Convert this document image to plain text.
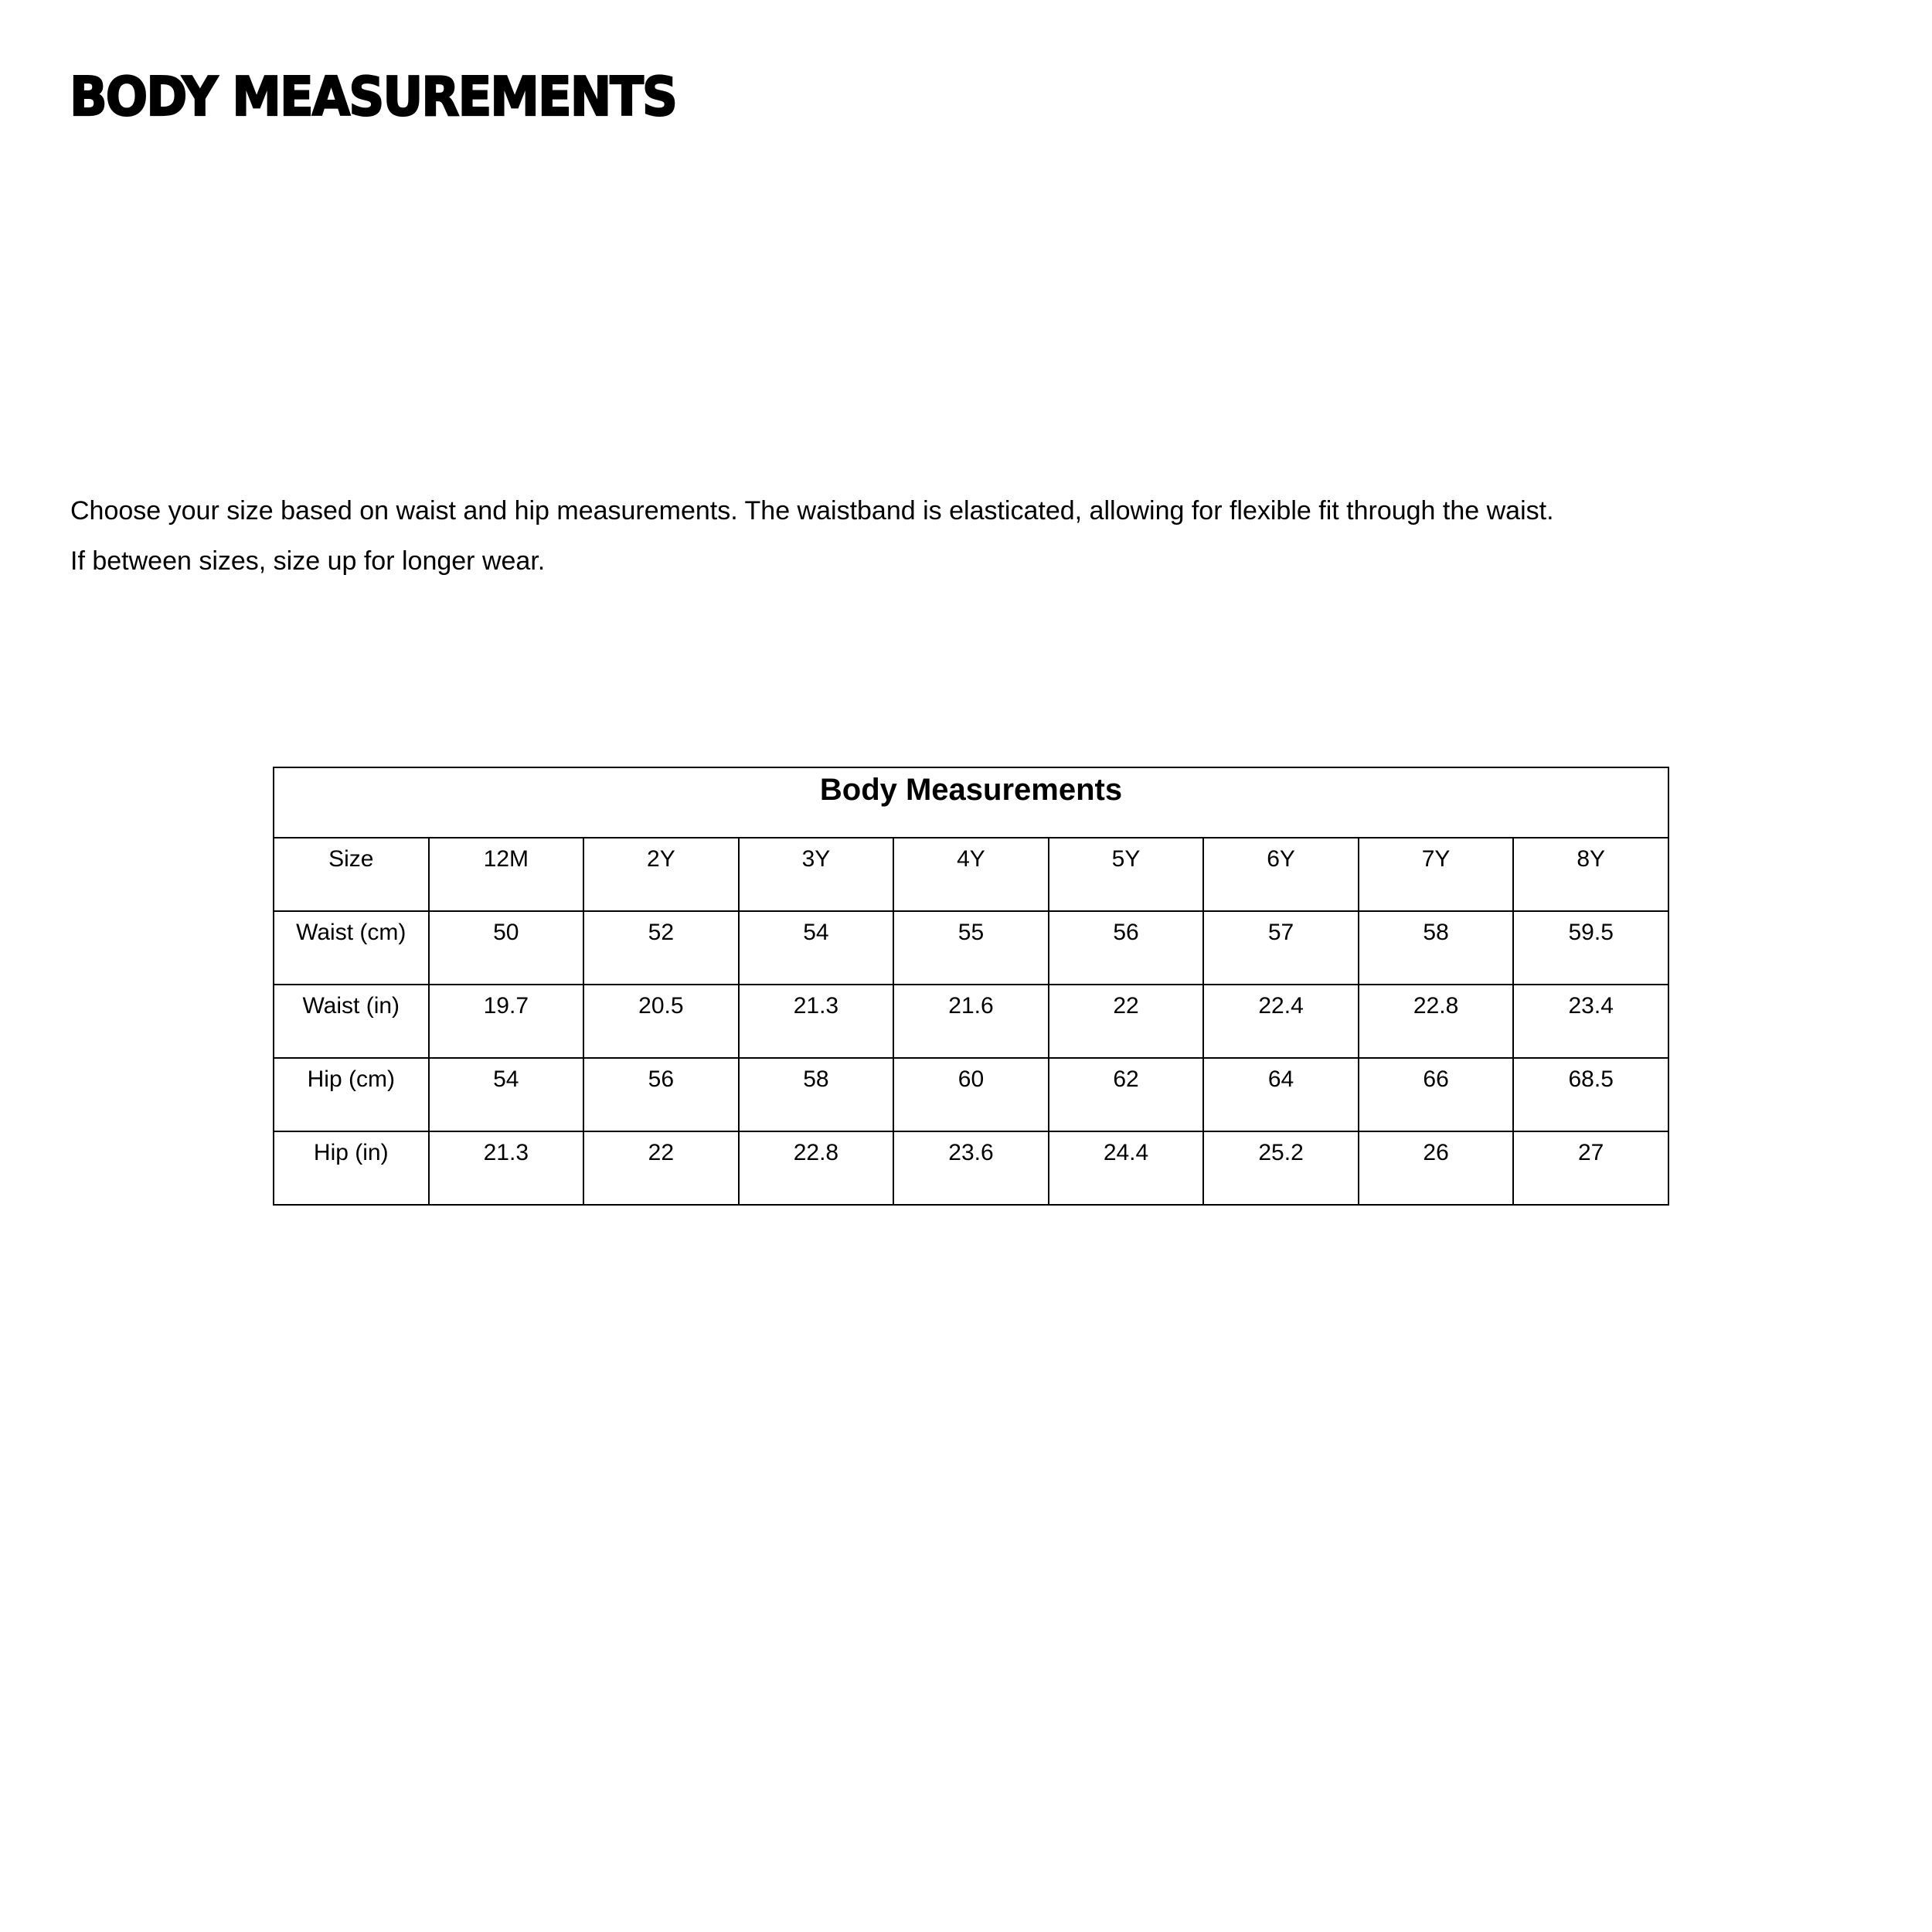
BODY MEASUREMENTS

Choose your size based on waist and hip measurements. The waistband is elasticated, allowing for flexible fit through the waist.

If between sizes, size up for longer wear.

Body Measurements								
Size	12M	2Y	3Y	4Y	5Y	6Y	7Y	8Y
Waist (cm)	50	52	54	55	56	57	58	59.5
Waist (in)	19.7	20.5	21.3	21.6	22	22.4	22.8	23.4
Hip (cm)	54	56	58	60	62	64	66	68.5
Hip (in)	21.3	22	22.8	23.6	24.4	25.2	26	27
